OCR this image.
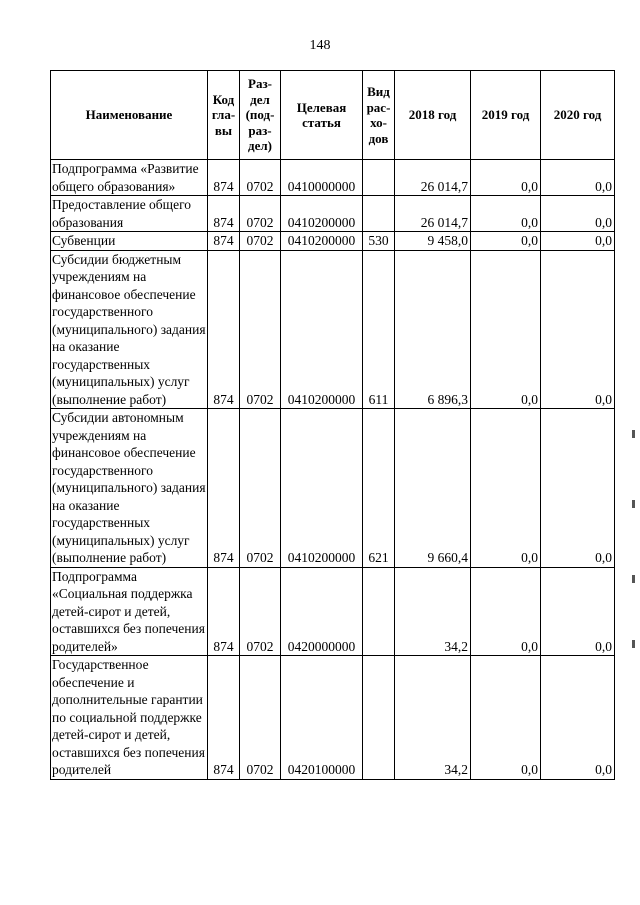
148
Наименование	Код гла-вы	Раз-дел (под-раз-дел)	Целевая статья	Вид рас-хо-дов	2018 год	2019 год	2020 год
Подпрограмма «Развитие общего образования»	874	0702	0410000000		26 014,7	0,0	0,0
Предоставление общего образования	874	0702	0410200000		26 014,7	0,0	0,0
Субвенции	874	0702	0410200000	530	9 458,0	0,0	0,0
Субсидии бюджетным учреждениям на финансовое обеспечение государственного (муниципального) задания на оказание государственных (муниципальных) услуг (выполнение работ)	874	0702	0410200000	611	6 896,3	0,0	0,0
Субсидии автономным учреждениям на финансовое обеспечение государственного (муниципального) задания на оказание государственных (муниципальных) услуг (выполнение работ)	874	0702	0410200000	621	9 660,4	0,0	0,0
Подпрограмма «Социальная поддержка детей-сирот и детей, оставшихся без попечения родителей»	874	0702	0420000000		34,2	0,0	0,0
Государственное обеспечение и дополнительные гарантии по социальной поддержке детей-сирот и детей, оставшихся без попечения родителей	874	0702	0420100000		34,2	0,0	0,0
